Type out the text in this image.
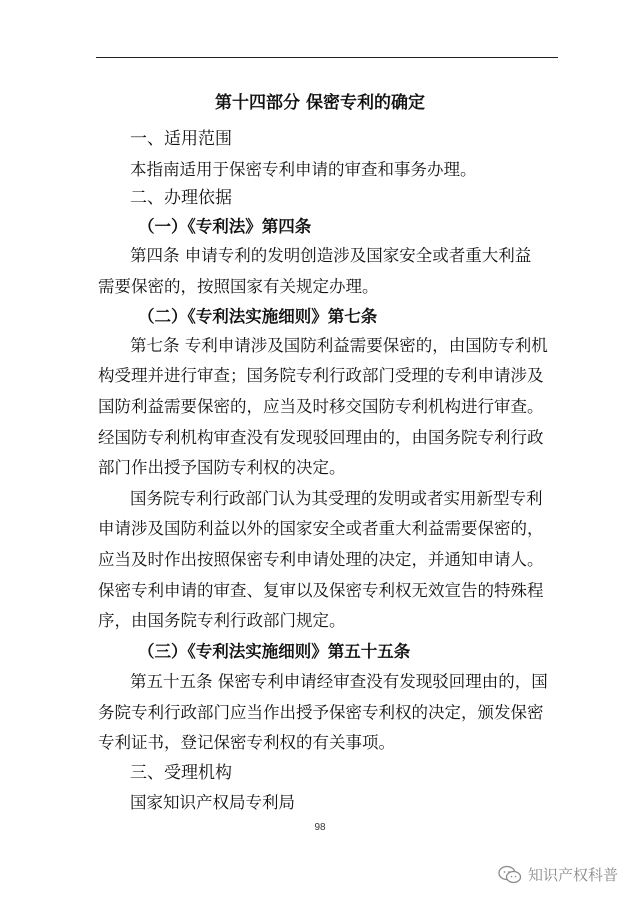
第十四部分 保密专利的确定
一、适用范围
本指南适用于保密专利申请的审查和事务办理。
二、办理依据
（一）《专利法》第四条
第四条 申请专利的发明创造涉及国家安全或者重大利益
需要保密的，按照国家有关规定办理。
（二）《专利法实施细则》第七条
第七条 专利申请涉及国防利益需要保密的，由国防专利机
构受理并进行审查；国务院专利行政部门受理的专利申请涉及
国防利益需要保密的，应当及时移交国防专利机构进行审查。
经国防专利机构审查没有发现驳回理由的，由国务院专利行政
部门作出授予国防专利权的决定。
国务院专利行政部门认为其受理的发明或者实用新型专利
申请涉及国防利益以外的国家安全或者重大利益需要保密的，
应当及时作出按照保密专利申请处理的决定，并通知申请人。
保密专利申请的审查、复审以及保密专利权无效宣告的特殊程
序，由国务院专利行政部门规定。
（三）《专利法实施细则》第五十五条
第五十五条 保密专利申请经审查没有发现驳回理由的，国
务院专利行政部门应当作出授予保密专利权的决定，颁发保密
专利证书，登记保密专利权的有关事项。
三、受理机构
国家知识产权局专利局
98
知识产权科普
